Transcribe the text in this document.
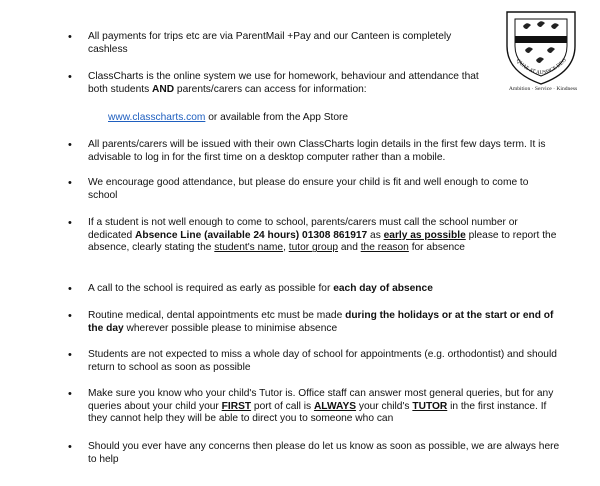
• All payments for trips etc are via ParentMail +Pay and our Canteen is completely cashless
• ClassCharts is the online system we use for homework, behaviour and attendance that both students AND parents/carers can access for information:
www.classcharts.com or available from the App Store
• All parents/carers will be issued with their own ClassCharts login details in the first few days term. It is advisable to log in for the first time on a desktop computer rather than a mobile.
• We encourage good attendance, but please do ensure your child is fit and well enough to come to school
• If a student is not well enough to come to school, parents/carers must call the school number or dedicated Absence Line (available 24 hours) 01308 861917 as early as possible please to report the absence, clearly stating the student's name, tutor group and the reason for absence
• A call to the school is required as early as possible for each day of absence
• Routine medical, dental appointments etc must be made during the holidays or at the start or end of the day wherever possible please to minimise absence
• Students are not expected to miss a whole day of school for appointments (e.g. orthodontist) and should return to school as soon as possible
• Make sure you know who your child's Tutor is. Office staff can answer most general queries, but for any queries about your child your FIRST port of call is ALWAYS your child's TUTOR in the first instance. If they cannot help they will be able to direct you to someone who can
• Should you ever have any concerns then please do let us know as soon as possible, we are always here to help
QUAE AT AUSPICE DEO
Ambition · Service · Kindness
